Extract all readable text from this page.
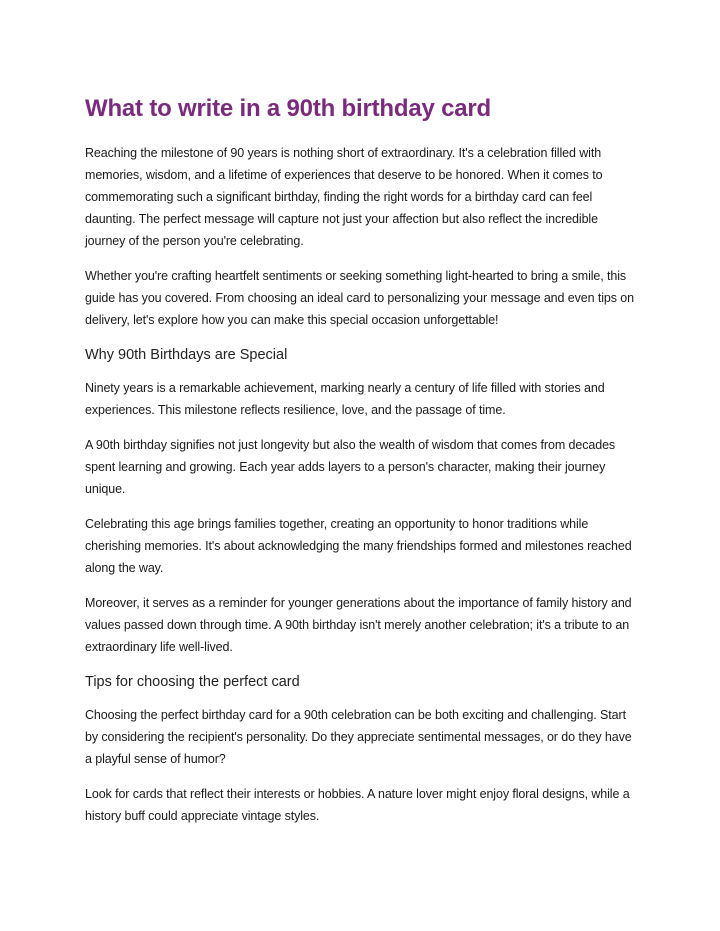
What to write in a 90th birthday card

Reaching the milestone of 90 years is nothing short of extraordinary. It's a celebration filled with memories, wisdom, and a lifetime of experiences that deserve to be honored. When it comes to commemorating such a significant birthday, finding the right words for a birthday card can feel daunting. The perfect message will capture not just your affection but also reflect the incredible journey of the person you're celebrating.

Whether you're crafting heartfelt sentiments or seeking something light-hearted to bring a smile, this guide has you covered. From choosing an ideal card to personalizing your message and even tips on delivery, let's explore how you can make this special occasion unforgettable!

Why 90th Birthdays are Special

Ninety years is a remarkable achievement, marking nearly a century of life filled with stories and experiences. This milestone reflects resilience, love, and the passage of time.

A 90th birthday signifies not just longevity but also the wealth of wisdom that comes from decades spent learning and growing. Each year adds layers to a person's character, making their journey unique.

Celebrating this age brings families together, creating an opportunity to honor traditions while cherishing memories. It's about acknowledging the many friendships formed and milestones reached along the way.

Moreover, it serves as a reminder for younger generations about the importance of family history and values passed down through time. A 90th birthday isn't merely another celebration; it's a tribute to an extraordinary life well-lived.

Tips for choosing the perfect card

Choosing the perfect birthday card for a 90th celebration can be both exciting and challenging. Start by considering the recipient's personality. Do they appreciate sentimental messages, or do they have a playful sense of humor?

Look for cards that reflect their interests or hobbies. A nature lover might enjoy floral designs, while a history buff could appreciate vintage styles.
